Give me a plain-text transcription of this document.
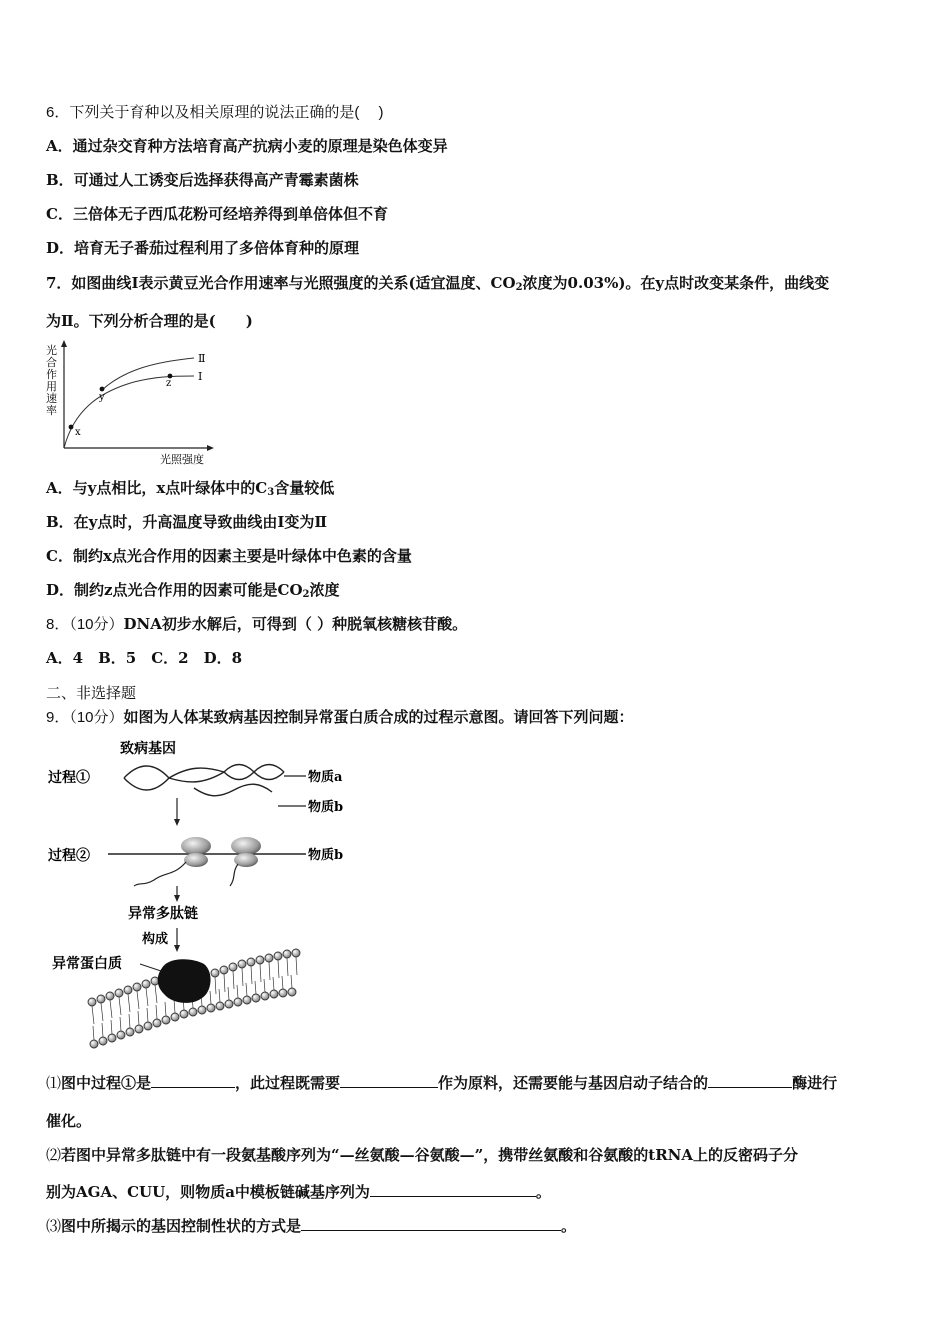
6．下列关于育种以及相关原理的说法正确的是(　 )
A．通过杂交育种方法培育高产抗病小麦的原理是染色体变异
B．可通过人工诱变后选择获得高产青霉素菌株
C．三倍体无子西瓜花粉可经培养得到单倍体但不育
D．培育无子番茄过程利用了多倍体育种的原理
7．如图曲线Ⅰ表示黄豆光合作用速率与光照强度的关系(适宜温度、$CO_2$浓度为0.03%)。在y点时改变某条件，曲线变
为Ⅱ。下列分析合理的是(　　)
光
合
作
用
速
率
x
y
z
Ⅰ
Ⅱ
光照强度
A．与y点相比，x点叶绿体中的$C_3$含量较低
B．在y点时，升高温度导致曲线由Ⅰ变为Ⅱ
C．制约x点光合作用的因素主要是叶绿体中色素的含量
D．制约z点光合作用的因素可能是$CO_2$浓度
8．（10分）DNA初步水解后，可得到（ ）种脱氧核糖核苷酸。
A．4　B．5　C．2　D．8
二、非选择题
9．（10分）如图为人体某致病基因控制异常蛋白质合成的过程示意图。请回答下列问题：
致病基因
过程①	物质a
物质b
过程②	物质b
异常多肽链
构成
异常蛋白质
⑴图中过程①是	，此过程既需要	作为原料，还需要能与基因启动子结合的	酶进行
催化。
⑵若图中异常多肽链中有一段氨基酸序列为“—丝氨酸—谷氨酸—”，携带丝氨酸和谷氨酸的tRNA上的反密码子分
别为AGA、CUU，则物质a中模板链碱基序列为	。
⑶图中所揭示的基因控制性状的方式是	。
